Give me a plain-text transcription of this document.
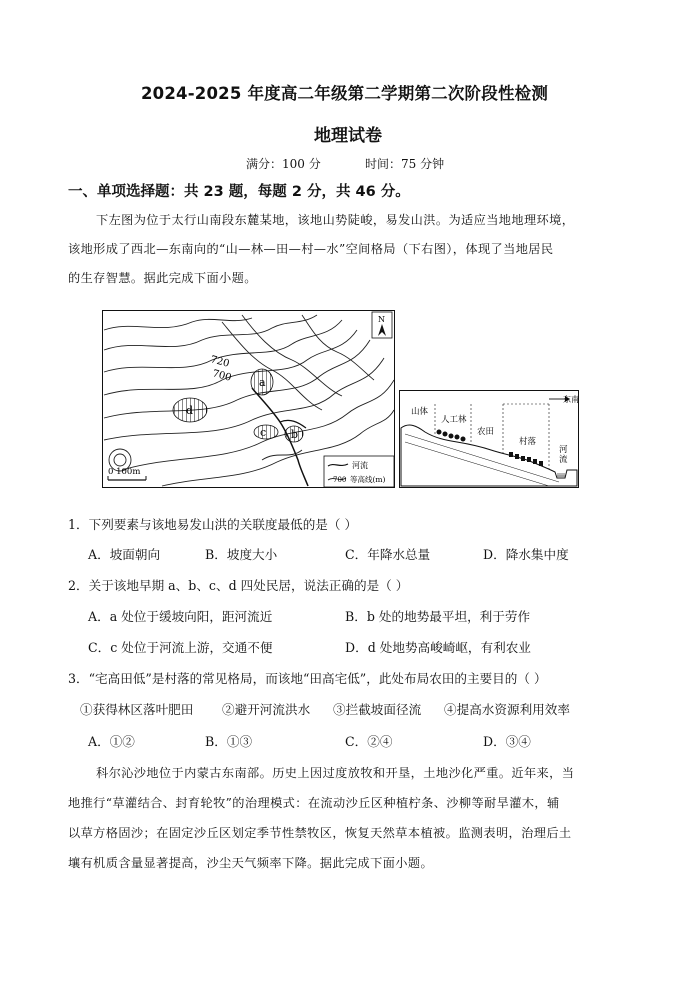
2024-2025 年度高二年级第二学期第二次阶段性检测
地理试卷
满分：100 分	时间：75 分钟
一、单项选择题：共 23 题，每题 2 分，共 46 分。
下左图为位于太行山南段东麓某地，该地山势陡峻，易发山洪。为适应当地地理环境，
该地形成了西北—东南向的“山—林—田—村—水”空间格局（下右图），体现了当地居民
的生存智慧。据此完成下面小题。
d
a
b
c
720
700
N
0 100m
河流
700 等高线(m)
东南
山体
人工林
农田
村落
河
流
1．下列要素与该地易发山洪的关联度最低的是（ ）
A．坡面朝向	B．坡度大小	C．年降水总量	D．降水集中度
2．关于该地早期 a、b、c、d 四处民居，说法正确的是（ ）
A．a 处位于缓坡向阳，距河流近	B．b 处的地势最平坦，利于劳作
C．c 处位于河流上游，交通不便	D．d 处地势高峻崎岖，有利农业
3．“宅高田低”是村落的常见格局，而该地“田高宅低”，此处布局农田的主要目的（ ）
①获得林区落叶肥田 ②避开河流洪水 ③拦截坡面径流 ④提高水资源利用效率
A．①②	B．①③	C．②④	D．③④
科尔沁沙地位于内蒙古东南部。历史上因过度放牧和开垦，土地沙化严重。近年来，当
地推行“草灌结合、封育轮牧”的治理模式：在流动沙丘区种植柠条、沙柳等耐旱灌木，辅
以草方格固沙；在固定沙丘区划定季节性禁牧区，恢复天然草本植被。监测表明，治理后土
壤有机质含量显著提高，沙尘天气频率下降。据此完成下面小题。
